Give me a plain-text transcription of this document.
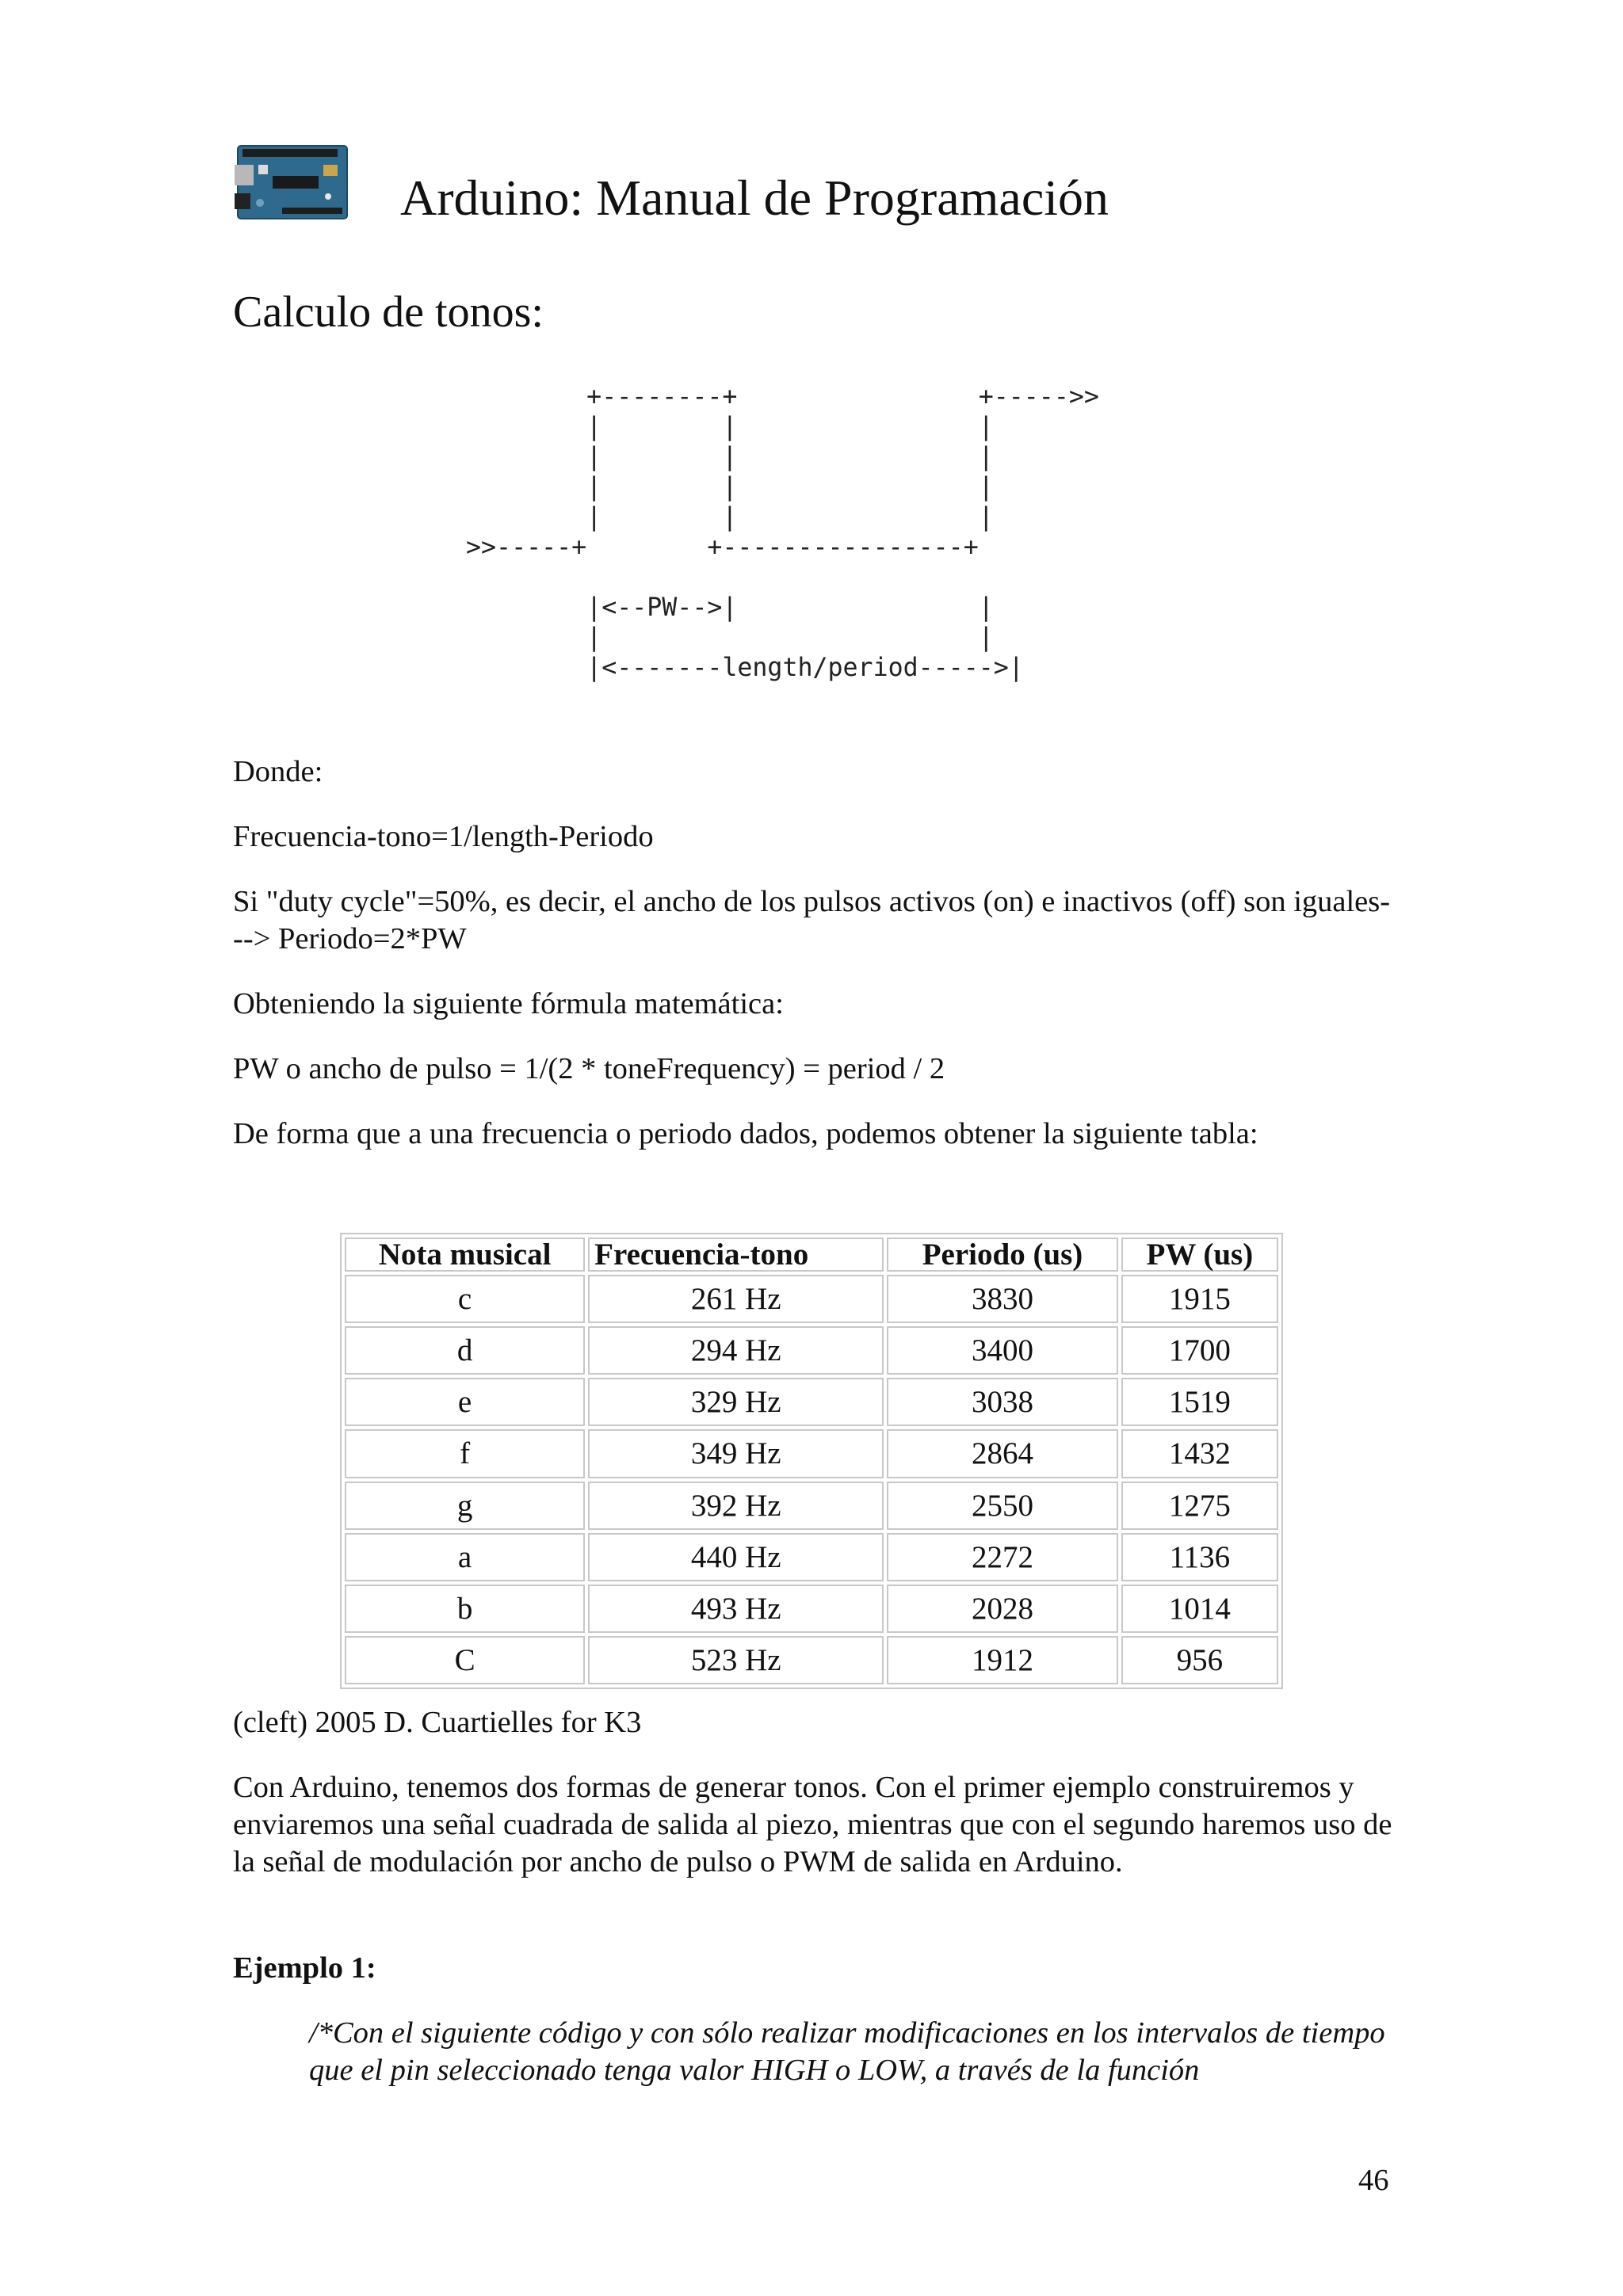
Arduino: Manual de Programación
Calculo de tonos:
+--------+                +----->>
|        |                |
|        |                |
|        |                |
|        |                |
>>-----+        +----------------+

|<--PW-->|                |
|                         |
|<-------length/period----->|
Donde:
Frecuencia-tono=1/length-Periodo
Si "duty cycle"=50%, es decir, el ancho de los pulsos activos (on) e inactivos (off) son iguales---> Periodo=2*PW
Obteniendo la siguiente fórmula matemática:
PW o ancho de pulso = 1/(2 * toneFrequency) = period / 2
De forma que a una frecuencia o periodo dados, podemos obtener la siguiente tabla:
Nota musical	Frecuencia-tono	Periodo (us)	PW (us)
c	261 Hz	3830	1915
d	294 Hz	3400	1700
e	329 Hz	3038	1519
f	349 Hz	2864	1432
g	392 Hz	2550	1275
a	440 Hz	2272	1136
b	493 Hz	2028	1014
C	523 Hz	1912	956
(cleft) 2005 D. Cuartielles for K3
Con Arduino, tenemos dos formas de generar tonos. Con el primer ejemplo construiremos y enviaremos una señal cuadrada de salida al piezo, mientras que con el segundo haremos uso de la señal de modulación por ancho de pulso o PWM de salida en Arduino.
Ejemplo 1:
/*Con el siguiente código y con sólo realizar modificaciones en los intervalos de tiempo que el pin seleccionado tenga valor HIGH o LOW, a través de la función
46
